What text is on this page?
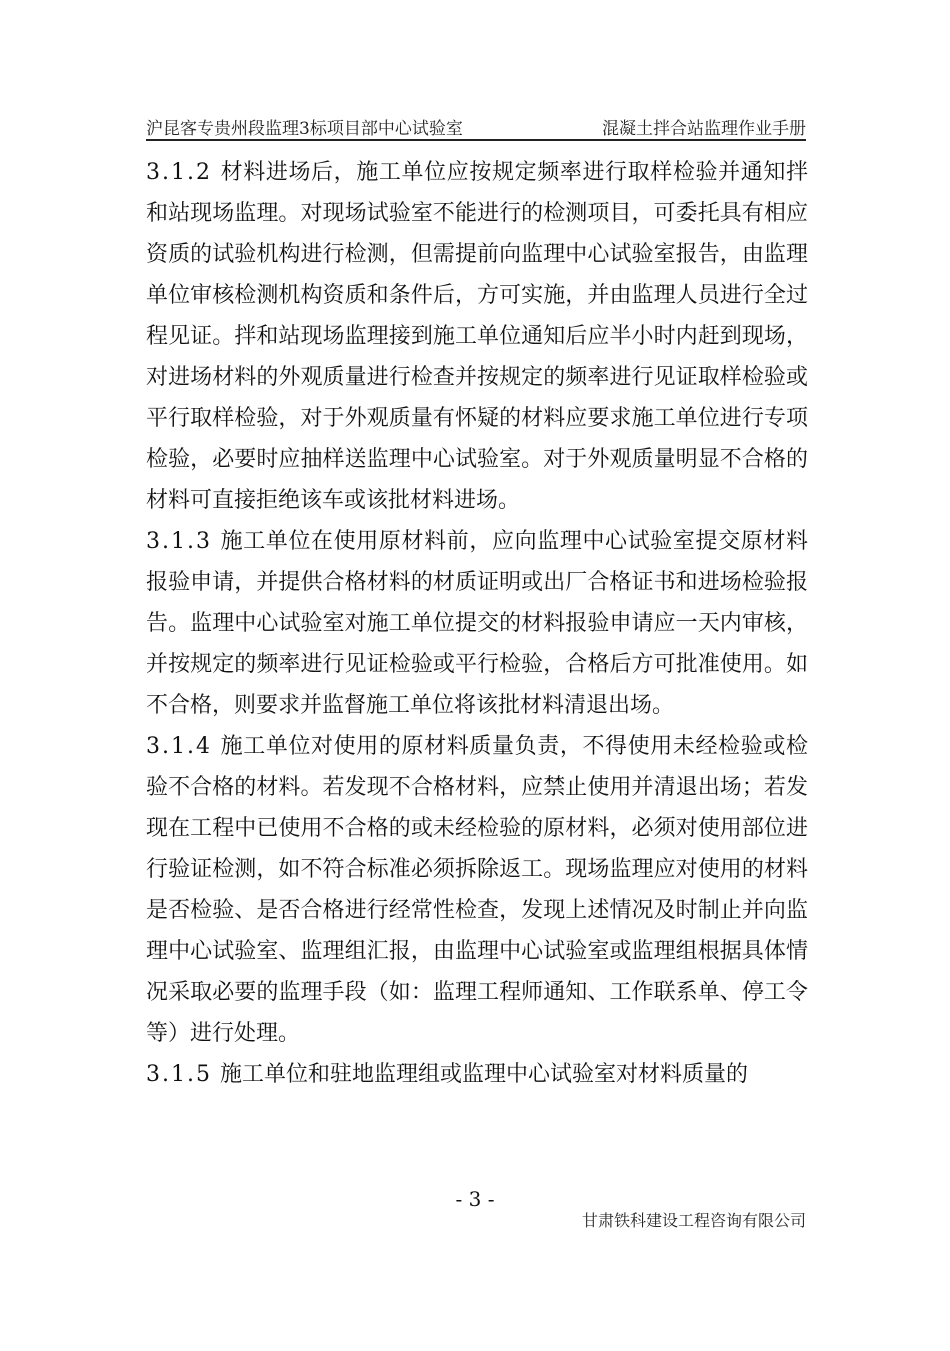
沪昆客专贵州段监理3标项目部中心试验室	混凝土拌合站监理作业手册

3.1.2 材料进场后，施工单位应按规定频率进行取样检验并通知拌和站现场监理。对现场试验室不能进行的检测项目，可委托具有相应资质的试验机构进行检测，但需提前向监理中心试验室报告，由监理单位审核检测机构资质和条件后，方可实施，并由监理人员进行全过程见证。拌和站现场监理接到施工单位通知后应半小时内赶到现场，对进场材料的外观质量进行检查并按规定的频率进行见证取样检验或平行取样检验，对于外观质量有怀疑的材料应要求施工单位进行专项检验，必要时应抽样送监理中心试验室。对于外观质量明显不合格的材料可直接拒绝该车或该批材料进场。

3.1.3 施工单位在使用原材料前，应向监理中心试验室提交原材料报验申请，并提供合格材料的材质证明或出厂合格证书和进场检验报告。监理中心试验室对施工单位提交的材料报验申请应一天内审核，并按规定的频率进行见证检验或平行检验，合格后方可批准使用。如不合格，则要求并监督施工单位将该批材料清退出场。

3.1.4 施工单位对使用的原材料质量负责，不得使用未经检验或检验不合格的材料。若发现不合格材料，应禁止使用并清退出场；若发现在工程中已使用不合格的或未经检验的原材料，必须对使用部位进行验证检测，如不符合标准必须拆除返工。现场监理应对使用的材料是否检验、是否合格进行经常性检查，发现上述情况及时制止并向监理中心试验室、监理组汇报，由监理中心试验室或监理组根据具体情况采取必要的监理手段（如：监理工程师通知、工作联系单、停工令等）进行处理。

3.1.5 施工单位和驻地监理组或监理中心试验室对材料质量的

- 3 -
甘肃铁科建设工程咨询有限公司
